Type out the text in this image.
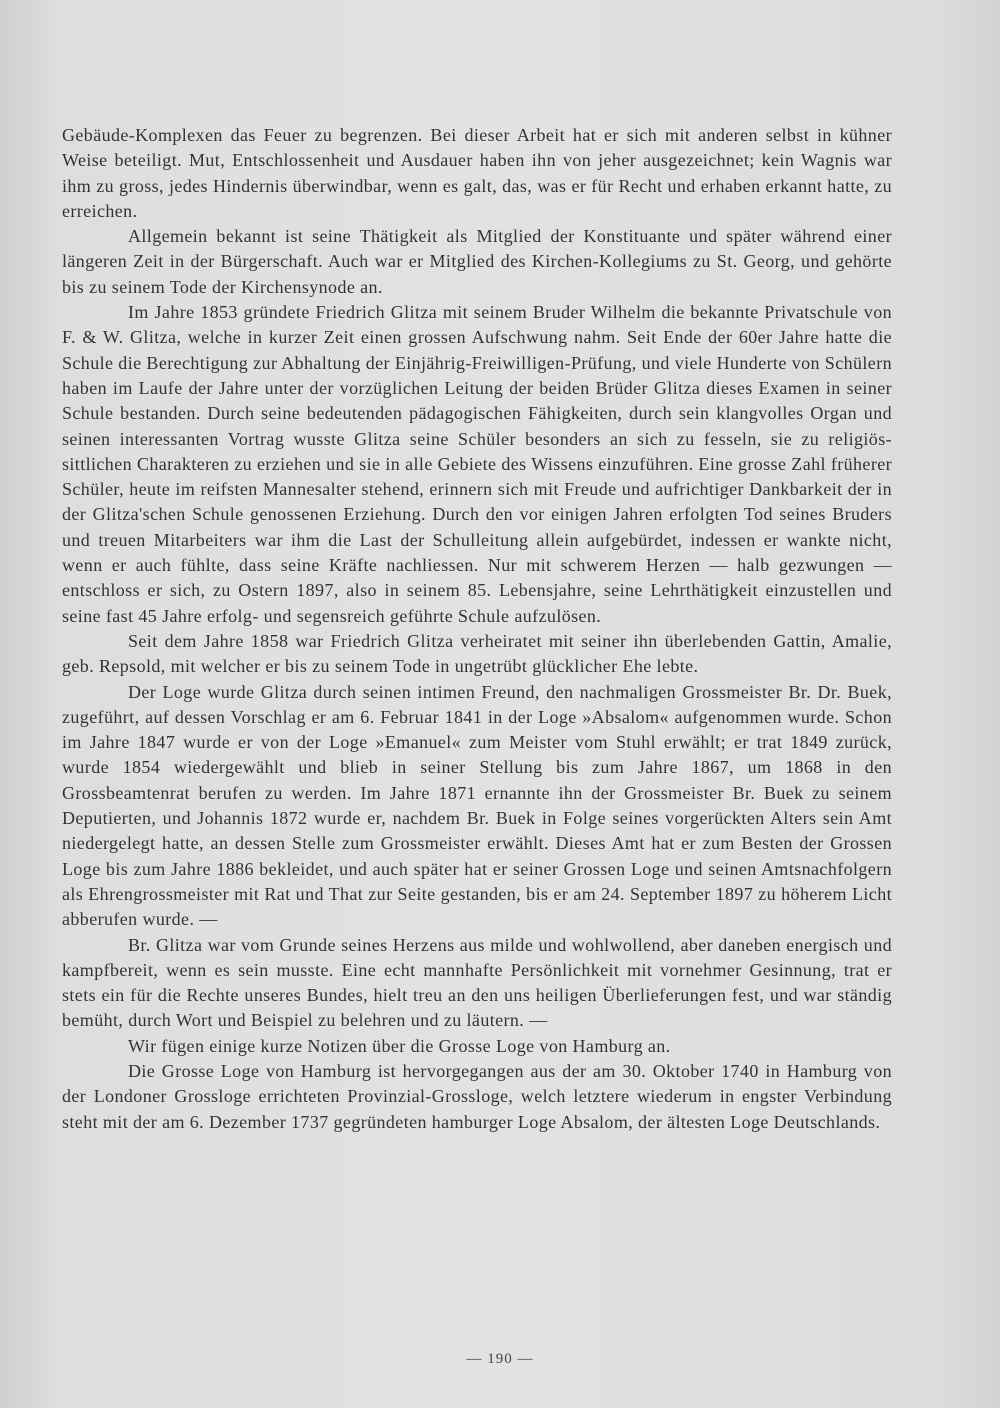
Gebäude-Komplexen das Feuer zu begrenzen. Bei dieser Arbeit hat er sich mit anderen selbst in kühner Weise beteiligt. Mut, Entschlossenheit und Ausdauer haben ihn von jeher ausgezeichnet; kein Wagnis war ihm zu gross, jedes Hindernis überwindbar, wenn es galt, das, was er für Recht und erhaben erkannt hatte, zu erreichen.

Allgemein bekannt ist seine Thätigkeit als Mitglied der Konstituante und später während einer längeren Zeit in der Bürgerschaft. Auch war er Mitglied des Kirchen-Kollegiums zu St. Georg, und gehörte bis zu seinem Tode der Kirchensynode an.

Im Jahre 1853 gründete Friedrich Glitza mit seinem Bruder Wilhelm die bekannte Privatschule von F. & W. Glitza, welche in kurzer Zeit einen grossen Aufschwung nahm. Seit Ende der 60er Jahre hatte die Schule die Berechtigung zur Abhaltung der Einjährig-Freiwilligen-Prüfung, und viele Hunderte von Schülern haben im Laufe der Jahre unter der vorzüglichen Leitung der beiden Brüder Glitza dieses Examen in seiner Schule bestanden. Durch seine bedeutenden pädagogischen Fähigkeiten, durch sein klangvolles Organ und seinen interessanten Vortrag wusste Glitza seine Schüler besonders an sich zu fesseln, sie zu religiös-sittlichen Charakteren zu erziehen und sie in alle Gebiete des Wissens einzuführen. Eine grosse Zahl früherer Schüler, heute im reifsten Mannesalter stehend, erinnern sich mit Freude und aufrichtiger Dankbarkeit der in der Glitza'schen Schule genossenen Erziehung. Durch den vor einigen Jahren erfolgten Tod seines Bruders und treuen Mitarbeiters war ihm die Last der Schulleitung allein aufgebürdet, indessen er wankte nicht, wenn er auch fühlte, dass seine Kräfte nachliessen. Nur mit schwerem Herzen — halb gezwungen — entschloss er sich, zu Ostern 1897, also in seinem 85. Lebensjahre, seine Lehrthätigkeit einzustellen und seine fast 45 Jahre erfolg- und segensreich geführte Schule aufzulösen.

Seit dem Jahre 1858 war Friedrich Glitza verheiratet mit seiner ihn überlebenden Gattin, Amalie, geb. Repsold, mit welcher er bis zu seinem Tode in ungetrübt glücklicher Ehe lebte.

Der Loge wurde Glitza durch seinen intimen Freund, den nachmaligen Grossmeister Br. Dr. Buek, zugeführt, auf dessen Vorschlag er am 6. Februar 1841 in der Loge »Absalom« aufgenommen wurde. Schon im Jahre 1847 wurde er von der Loge »Emanuel« zum Meister vom Stuhl erwählt; er trat 1849 zurück, wurde 1854 wiedergewählt und blieb in seiner Stellung bis zum Jahre 1867, um 1868 in den Grossbeamtenrat berufen zu werden. Im Jahre 1871 ernannte ihn der Grossmeister Br. Buek zu seinem Deputierten, und Johannis 1872 wurde er, nachdem Br. Buek in Folge seines vorgerückten Alters sein Amt niedergelegt hatte, an dessen Stelle zum Grossmeister erwählt. Dieses Amt hat er zum Besten der Grossen Loge bis zum Jahre 1886 bekleidet, und auch später hat er seiner Grossen Loge und seinen Amtsnachfolgern als Ehrengrossmeister mit Rat und That zur Seite gestanden, bis er am 24. September 1897 zu höherem Licht abberufen wurde. —

Br. Glitza war vom Grunde seines Herzens aus milde und wohlwollend, aber daneben energisch und kampfbereit, wenn es sein musste. Eine echt mannhafte Persönlichkeit mit vornehmer Gesinnung, trat er stets ein für die Rechte unseres Bundes, hielt treu an den uns heiligen Überlieferungen fest, und war ständig bemüht, durch Wort und Beispiel zu belehren und zu läutern. —

Wir fügen einige kurze Notizen über die Grosse Loge von Hamburg an.

Die Grosse Loge von Hamburg ist hervorgegangen aus der am 30. Oktober 1740 in Hamburg von der Londoner Grossloge errichteten Provinzial-Grossloge, welch letztere wiederum in engster Verbindung steht mit der am 6. Dezember 1737 gegründeten hamburger Loge Absalom, der ältesten Loge Deutschlands.

— 190 —
